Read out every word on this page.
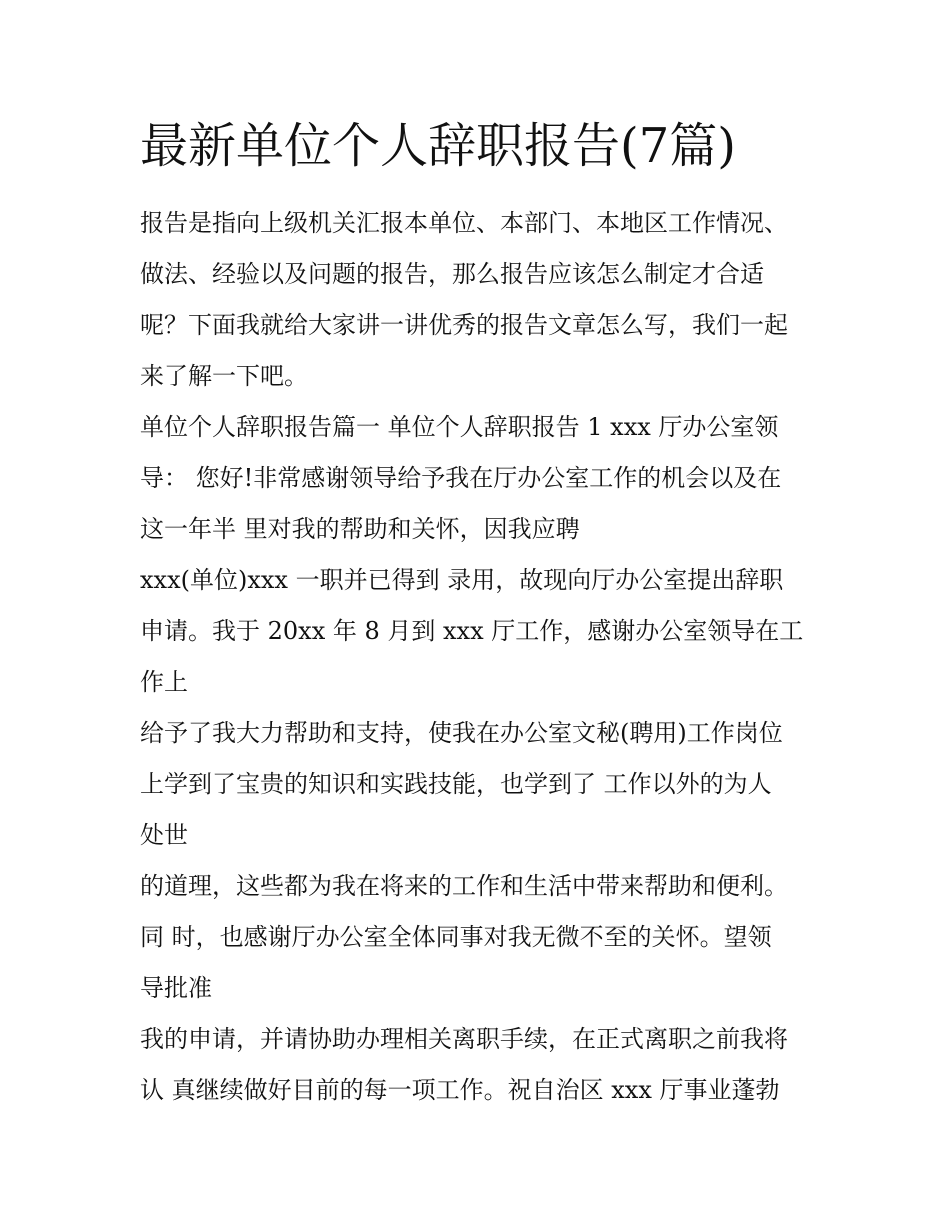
最新单位个人辞职报告(7篇)
报告是指向上级机关汇报本单位、本部门、本地区工作情况、
做法、经验以及问题的报告，那么报告应该怎么制定才合适
呢？下面我就给大家讲一讲优秀的报告文章怎么写，我们一起
来了解一下吧。
单位个人辞职报告篇一 单位个人辞职报告 1 xxx 厅办公室领
导： 您好!非常感谢领导给予我在厅办公室工作的机会以及在
这一年半 里对我的帮助和关怀，因我应聘
xxx(单位)xxx 一职并已得到 录用，故现向厅办公室提出辞职
申请。我于 20xx 年 8 月到 xxx 厅工作，感谢办公室领导在工
作上
给予了我大力帮助和支持，使我在办公室文秘(聘用)工作岗位
上学到了宝贵的知识和实践技能，也学到了 工作以外的为人
处世
的道理，这些都为我在将来的工作和生活中带来帮助和便利。
同 时，也感谢厅办公室全体同事对我无微不至的关怀。望领
导批准
我的申请，并请协助办理相关离职手续，在正式离职之前我将
认 真继续做好目前的每一项工作。祝自治区 xxx 厅事业蓬勃
